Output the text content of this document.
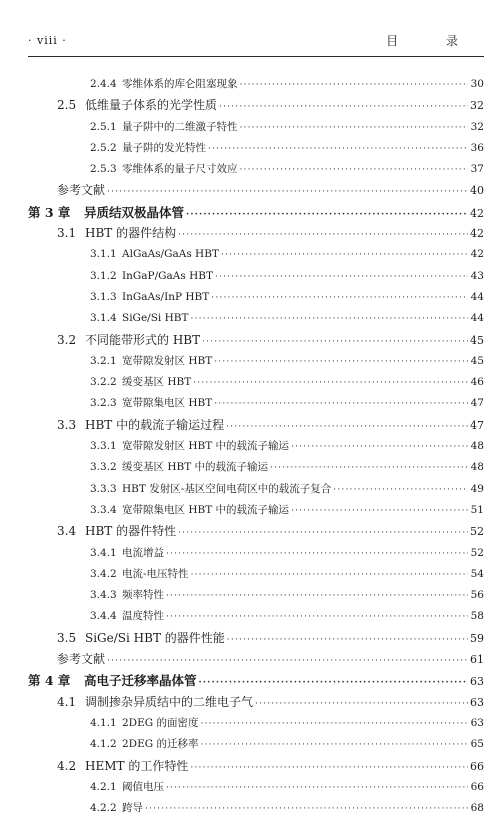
· viii ·	目 录
2.4.4 零维体系的库仑阻塞现象 ·····	30
2.5 低维量子体系的光学性质 ·····	32
2.5.1 量子阱中的二维激子特性 ·····	32
2.5.2 量子阱的发光特性 ·····	36
2.5.3 零维体系的量子尺寸效应 ·····	37
参考文献 ·····	40
第 3 章	异质结双极晶体管 ·····	42
3.1 HBT 的器件结构 ·····	42
3.1.1 AlGaAs/GaAs HBT ·····	42
3.1.2 InGaP/GaAs HBT ·····	43
3.1.3 InGaAs/InP HBT ·····	44
3.1.4 SiGe/Si HBT ·····	44
3.2 不同能带形式的 HBT ·····	45
3.2.1 宽带隙发射区 HBT ·····	45
3.2.2 缓变基区 HBT ·····	46
3.2.3 宽带隙集电区 HBT ·····	47
3.3 HBT 中的载流子输运过程 ·····	47
3.3.1 宽带隙发射区 HBT 中的载流子输运 ·····	48
3.3.2 缓变基区 HBT 中的载流子输运 ·····	48
3.3.3 HBT 发射区-基区空间电荷区中的载流子复合 ·····	49
3.3.4 宽带隙集电区 HBT 中的载流子输运 ·····	51
3.4 HBT 的器件特性 ·····	52
3.4.1 电流增益 ·····	52
3.4.2 电流-电压特性 ·····	54
3.4.3 频率特性 ·····	56
3.4.4 温度特性 ·····	58
3.5 SiGe/Si HBT 的器件性能 ·····	59
参考文献 ·····	61
第 4 章	高电子迁移率晶体管 ·····	63
4.1 调制掺杂异质结中的二维电子气 ·····	63
4.1.1 2DEG 的面密度 ·····	63
4.1.2 2DEG 的迁移率 ·····	65
4.2 HEMT 的工作特性 ·····	66
4.2.1 阈值电压 ·····	66
4.2.2 跨导 ·····	68
